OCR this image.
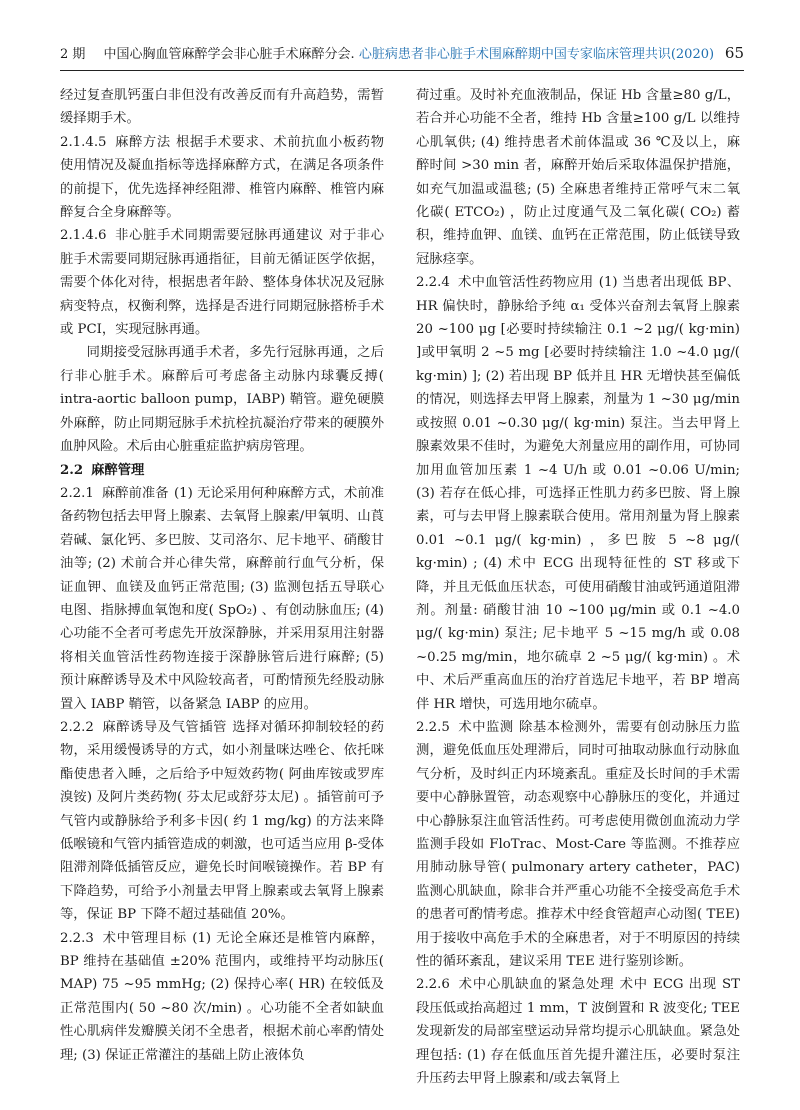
2 期 中国心胸血管麻醉学会非心脏手术麻醉分会. 心脏病患者非心脏手术围麻醉期中国专家临床管理共识(2020) 65

经过复查肌钙蛋白非但没有改善反而有升高趋势，需暂缓择期手术。

2.1.4.5 麻醉方法 根据手术要求、术前抗血小板药物使用情况及凝血指标等选择麻醉方式，在满足各项条件的前提下，优先选择神经阻滞、椎管内麻醉、椎管内麻醉复合全身麻醉等。

2.1.4.6 非心脏手术同期需要冠脉再通建议 对于非心脏手术需要同期冠脉再通指征，目前无循证医学依据，需要个体化对待，根据患者年龄、整体身体状况及冠脉病变特点，权衡利弊，选择是否进行同期冠脉搭桥手术或 PCI，实现冠脉再通。

同期接受冠脉再通手术者，多先行冠脉再通，之后行非心脏手术。麻醉后可考虑备主动脉内球囊反搏( intra-aortic balloon pump，IABP) 鞘管。避免硬膜外麻醉，防止同期冠脉手术抗栓抗凝治疗带来的硬膜外血肿风险。术后由心脏重症监护病房管理。

2.2 麻醉管理

2.2.1 麻醉前准备 (1) 无论采用何种麻醉方式，术前准备药物包括去甲肾上腺素、去氧肾上腺素/甲氧明、山莨菪碱、氯化钙、多巴胺、艾司洛尔、尼卡地平、硝酸甘油等; (2) 术前合并心律失常，麻醉前行血气分析，保证血钾、血镁及血钙正常范围; (3) 监测包括五导联心电图、指脉搏血氧饱和度( SpO₂) 、有创动脉血压; (4) 心功能不全者可考虑先开放深静脉，并采用泵用注射器将相关血管活性药物连接于深静脉管后进行麻醉; (5) 预计麻醉诱导及术中风险较高者，可酌情预先经股动脉置入 IABP 鞘管，以备紧急 IABP 的应用。

2.2.2 麻醉诱导及气管插管 选择对循环抑制较轻的药物，采用缓慢诱导的方式，如小剂量咪达唑仑、依托咪酯使患者入睡，之后给予中短效药物( 阿曲库铵或罗库溴铵) 及阿片类药物( 芬太尼或舒芬太尼) 。插管前可予气管内或静脉给予利多卡因( 约 1 mg/kg) 的方法来降低喉镜和气管内插管造成的刺激，也可适当应用 β-受体阻滞剂降低插管反应，避免长时间喉镜操作。若 BP 有下降趋势，可给予小剂量去甲肾上腺素或去氧肾上腺素等，保证 BP 下降不超过基础值 20%。

2.2.3 术中管理目标 (1) 无论全麻还是椎管内麻醉，BP 维持在基础值 ±20% 范围内，或维持平均动脉压( MAP) 75 ~95 mmHg; (2) 保持心率( HR) 在较低及正常范围内( 50 ~80 次/min) 。心功能不全者如缺血性心肌病伴发瓣膜关闭不全患者，根据术前心率酌情处理; (3) 保证正常灌注的基础上防止液体负

荷过重。及时补充血液制品，保证 Hb 含量≥80 g/L，若合并心功能不全者，维持 Hb 含量≥100 g/L 以维持心肌氧供; (4) 维持患者术前体温或 36 ℃及以上，麻醉时间 >30 min 者，麻醉开始后采取体温保护措施，如充气加温或温毯; (5) 全麻患者维持正常呼气末二氧化碳( ETCO₂) ，防止过度通气及二氧化碳( CO₂) 蓄积，维持血钾、血镁、血钙在正常范围，防止低镁导致冠脉痉挛。

2.2.4 术中血管活性药物应用 (1) 当患者出现低 BP、HR 偏快时，静脉给予纯 α₁ 受体兴奋剂去氧肾上腺素 20 ~100 μg [必要时持续输注 0.1 ~2 μg/( kg·min) ]或甲氧明 2 ~5 mg [必要时持续输注 1.0 ~4.0 μg/( kg·min) ]; (2) 若出现 BP 低并且 HR 无增快甚至偏低的情况，则选择去甲肾上腺素，剂量为 1 ~30 μg/min 或按照 0.01 ~0.30 μg/( kg·min) 泵注。当去甲肾上腺素效果不佳时，为避免大剂量应用的副作用，可协同加用血管加压素 1 ~4 U/h 或 0.01 ~0.06 U/min; (3) 若存在低心排，可选择正性肌力药多巴胺、肾上腺素，可与去甲肾上腺素联合使用。常用剂量为肾上腺素 0.01 ~0.1 μg/( kg·min) ，多巴胺 5 ~8 μg/( kg·min) ; (4) 术中 ECG 出现特征性的 ST 移或下降，并且无低血压状态，可使用硝酸甘油或钙通道阻滞剂。剂量: 硝酸甘油 10 ~100 μg/min 或 0.1 ~4.0 μg/( kg·min) 泵注; 尼卡地平 5 ~15 mg/h 或 0.08 ~0.25 mg/min，地尔硫卓 2 ~5 μg/( kg·min) 。术中、术后严重高血压的治疗首选尼卡地平，若 BP 增高伴 HR 增快，可选用地尔硫卓。

2.2.5 术中监测 除基本检测外，需要有创动脉压力监测，避免低血压处理滞后，同时可抽取动脉血行动脉血气分析，及时纠正内环境紊乱。重症及长时间的手术需要中心静脉置管，动态观察中心静脉压的变化，并通过中心静脉泵注血管活性药。可考虑使用微创血流动力学监测手段如 FloTrac、Most-Care 等监测。不推荐应用肺动脉导管( pulmonary artery catheter，PAC) 监测心肌缺血，除非合并严重心功能不全接受高危手术的患者可酌情考虑。推荐术中经食管超声心动图( TEE) 用于接收中高危手术的全麻患者，对于不明原因的持续性的循环紊乱，建议采用 TEE 进行鉴别诊断。

2.2.6 术中心肌缺血的紧急处理 术中 ECG 出现 ST 段压低或抬高超过 1 mm，T 波倒置和 R 波变化; TEE 发现新发的局部室壁运动异常均提示心肌缺血。紧急处理包括: (1) 存在低血压首先提升灌注压，必要时泵注升压药去甲肾上腺素和/或去氧肾上
